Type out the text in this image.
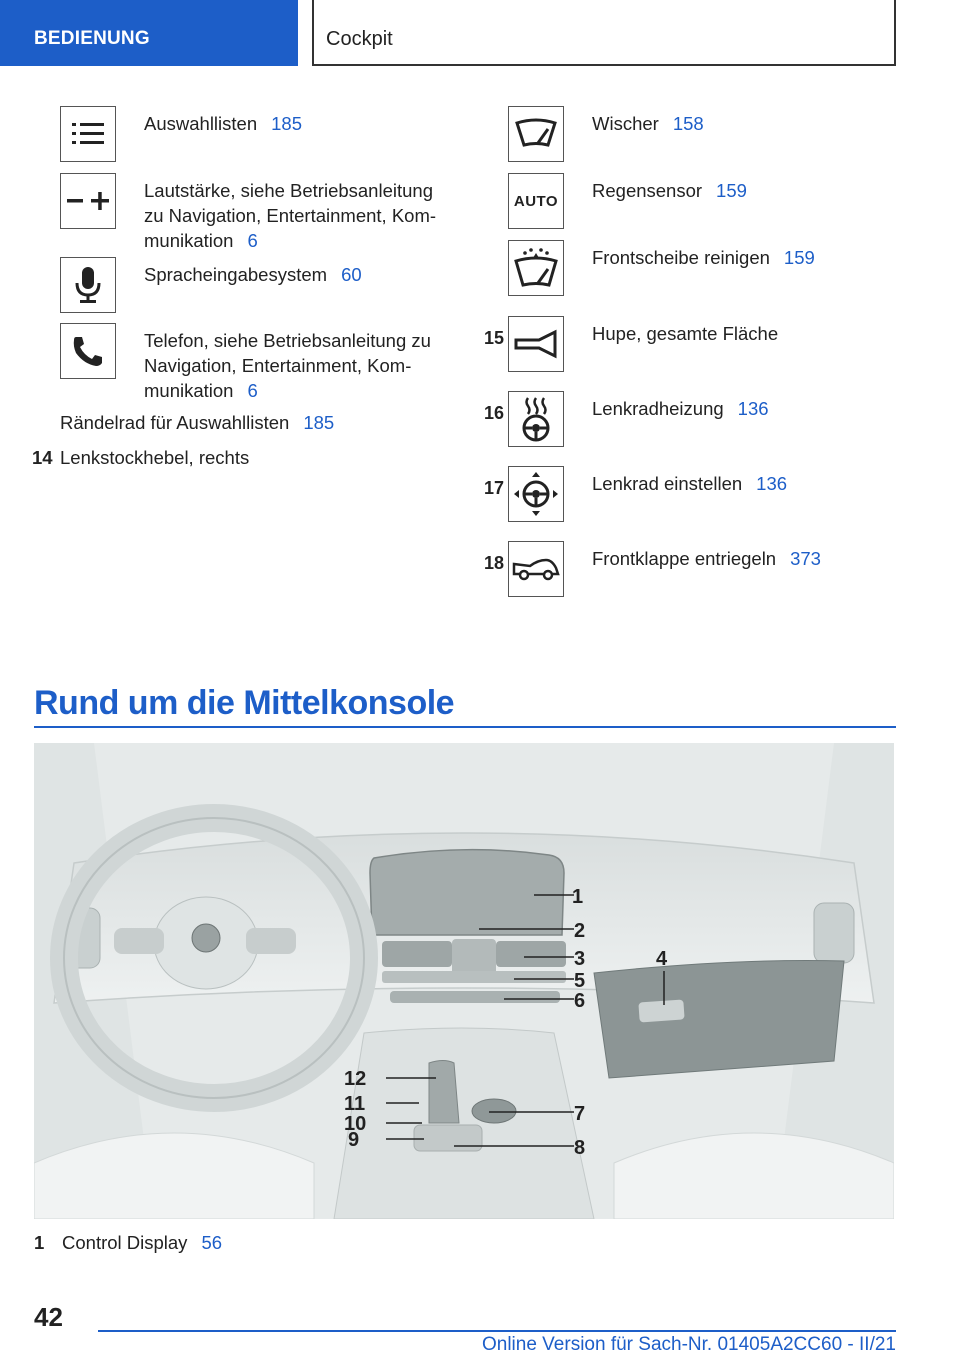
BEDIENUNG	Cockpit
Auswahllisten 185
Lautstärke, siehe Betriebsanleitung zu Navigation, Entertainment, Kommunikation 6
Spracheingabesystem 60
Telefon, siehe Betriebsanleitung zu Navigation, Entertainment, Kommunikation 6
Rändelrad für Auswahllisten 185
14 Lenkstockhebel, rechts
Wischer 158
AUTO Regensensor 159
Frontscheibe reinigen 159
15	Hupe, gesamte Fläche
16	Lenkradheizung 136
17	Lenkrad einstellen 136
18	Frontklappe entriegeln 373
Rund um die Mittelkonsole
1
2
3	4
5
6
7
8
9
10
11
12
1 Control Display 56
42
Online Version für Sach-Nr. 01405A2CC60 - II/21
